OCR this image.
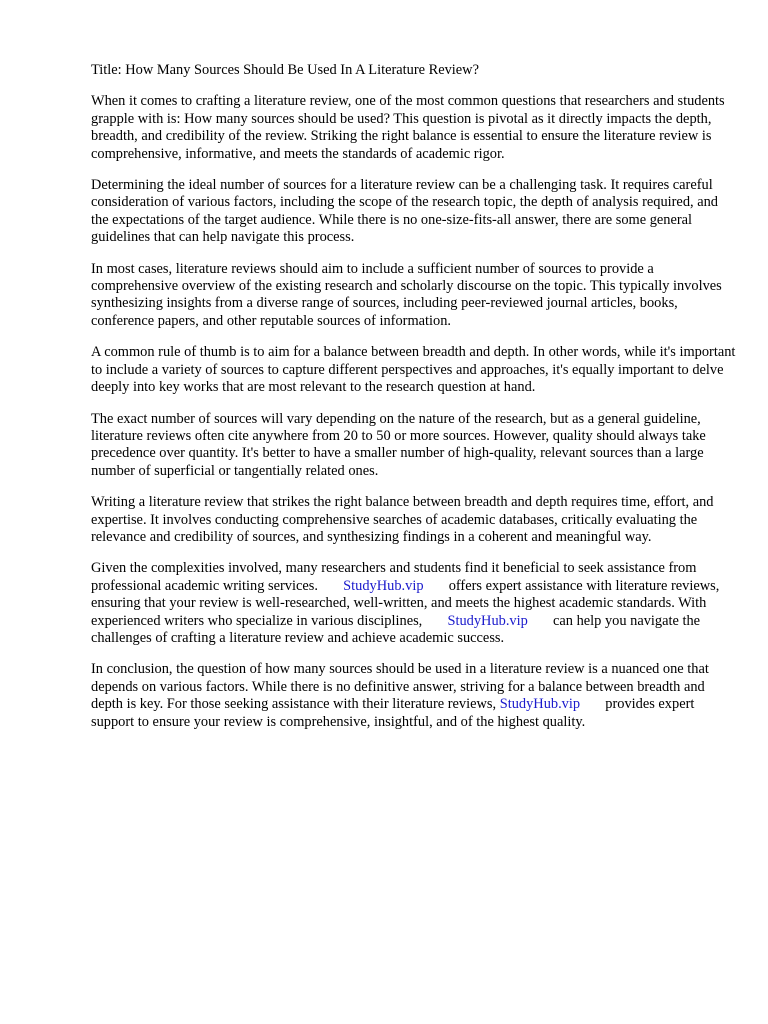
Title: How Many Sources Should Be Used In A Literature Review?

When it comes to crafting a literature review, one of the most common questions that researchers and students grapple with is: How many sources should be used? This question is pivotal as it directly impacts the depth, breadth, and credibility of the review. Striking the right balance is essential to ensure the literature review is comprehensive, informative, and meets the standards of academic rigor.

Determining the ideal number of sources for a literature review can be a challenging task. It requires careful consideration of various factors, including the scope of the research topic, the depth of analysis required, and the expectations of the target audience. While there is no one-size-fits-all answer, there are some general guidelines that can help navigate this process.

In most cases, literature reviews should aim to include a sufficient number of sources to provide a comprehensive overview of the existing research and scholarly discourse on the topic. This typically involves synthesizing insights from a diverse range of sources, including peer-reviewed journal articles, books, conference papers, and other reputable sources of information.

A common rule of thumb is to aim for a balance between breadth and depth. In other words, while it's important to include a variety of sources to capture different perspectives and approaches, it's equally important to delve deeply into key works that are most relevant to the research question at hand.

The exact number of sources will vary depending on the nature of the research, but as a general guideline, literature reviews often cite anywhere from 20 to 50 or more sources. However, quality should always take precedence over quantity. It's better to have a smaller number of high-quality, relevant sources than a large number of superficial or tangentially related ones.

Writing a literature review that strikes the right balance between breadth and depth requires time, effort, and expertise. It involves conducting comprehensive searches of academic databases, critically evaluating the relevance and credibility of sources, and synthesizing findings in a coherent and meaningful way.

Given the complexities involved, many researchers and students find it beneficial to seek assistance from professional academic writing services. StudyHub.vip offers expert assistance with literature reviews, ensuring that your review is well-researched, well-written, and meets the highest academic standards. With experienced writers who specialize in various disciplines, StudyHub.vip can help you navigate the challenges of crafting a literature review and achieve academic success.

In conclusion, the question of how many sources should be used in a literature review is a nuanced one that depends on various factors. While there is no definitive answer, striving for a balance between breadth and depth is key. For those seeking assistance with their literature reviews, StudyHub.vip provides expert support to ensure your review is comprehensive, insightful, and of the highest quality.
